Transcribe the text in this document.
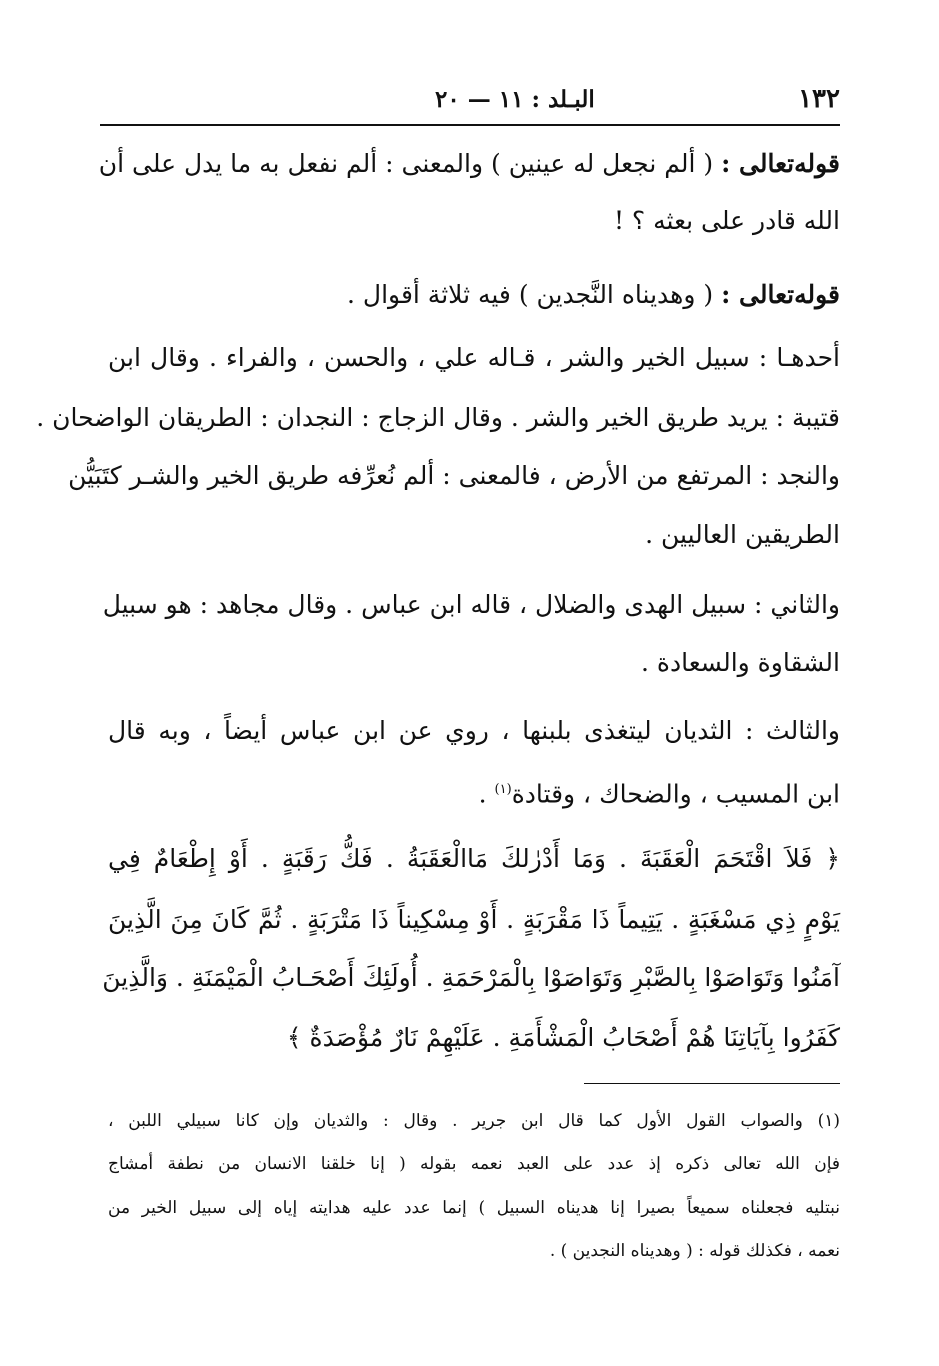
١٣٢
البـلد : ١١ — ٢٠
قوله‌تعالى : ( ألم نجعل له عينين ) والمعنى : ألم نفعل به ما يدل على أن
الله قادر على بعثه ؟ !
قوله‌تعالى : ( وهديناه النَّجدين ) فيه ثلاثة أقوال .
أحدهـا : سبيل الخير والشر ، قـاله علي ، والحسن ، والفراء . وقال ابن
قتيبة : يريد طريق الخير والشر . وقال الزجاج : النجدان : الطريقان الواضحان .
والنجد : المرتفع من الأرض ، فالمعنى : ألم نُعرِّفه طريق الخير والشـر كتَبَيُّن
الطريقين العاليين .
والثاني : سبيل الهدى والضلال ، قاله ابن عباس . وقال مجاهد : هو سبيل
الشقاوة والسعادة .
والثالث : الثديان ليتغذى بلبنها ، روي عن ابن عباس أيضاً ، وبه قال
ابن المسيب ، والضحاك ، وقتادة$^{(١)}$ .
﴿ فَلاَ اقْتَحَمَ الْعَقَبَةَ . وَمَا أَدْرٰلكَ مَاالْعَقَبَةُ . فَكُّ رَقَبَةٍ . أَوْ إِطْعَامٌ فِي
يَوْمٍ ذِي مَسْغَبَةٍ . يَتِيماً ذَا مَقْرَبَةٍ . أَوْ مِسْكِيناً ذَا مَتْرَبَةٍ . ثُمَّ كَانَ مِنَ الَّذِينَ
آمَنُوا وَتَوَاصَوْا بِالصَّبْرِ وَتَوَاصَوْا بِالْمَرْحَمَةِ . أُولَئِكَ أَصْحَـابُ الْمَيْمَنَةِ . وَالَّذِينَ
كَفَرُوا بِآيَاتِنَا هُمْ أَصْحَابُ الْمَشْأَمَةِ . عَلَيْهِمْ نَارٌ مُؤْصَدَةٌ ﴾
(١) والصواب القول الأول كما قال ابن جرير . وقال : والثديان وإن كانا سبيلي اللبن ،
فإن الله تعالى ذكره إذ عدد على العبد نعمه بقوله ( إنا خلقنا الانسان من نطفة أمشاج
نبتليه فجعلناه سميعاً بصيرا إنا هديناه السبيل ) إنما عدد عليه هدايته إياه إلى سبيل الخير من
نعمه ، فكذلك قوله : ( وهديناه النجدين ) .
